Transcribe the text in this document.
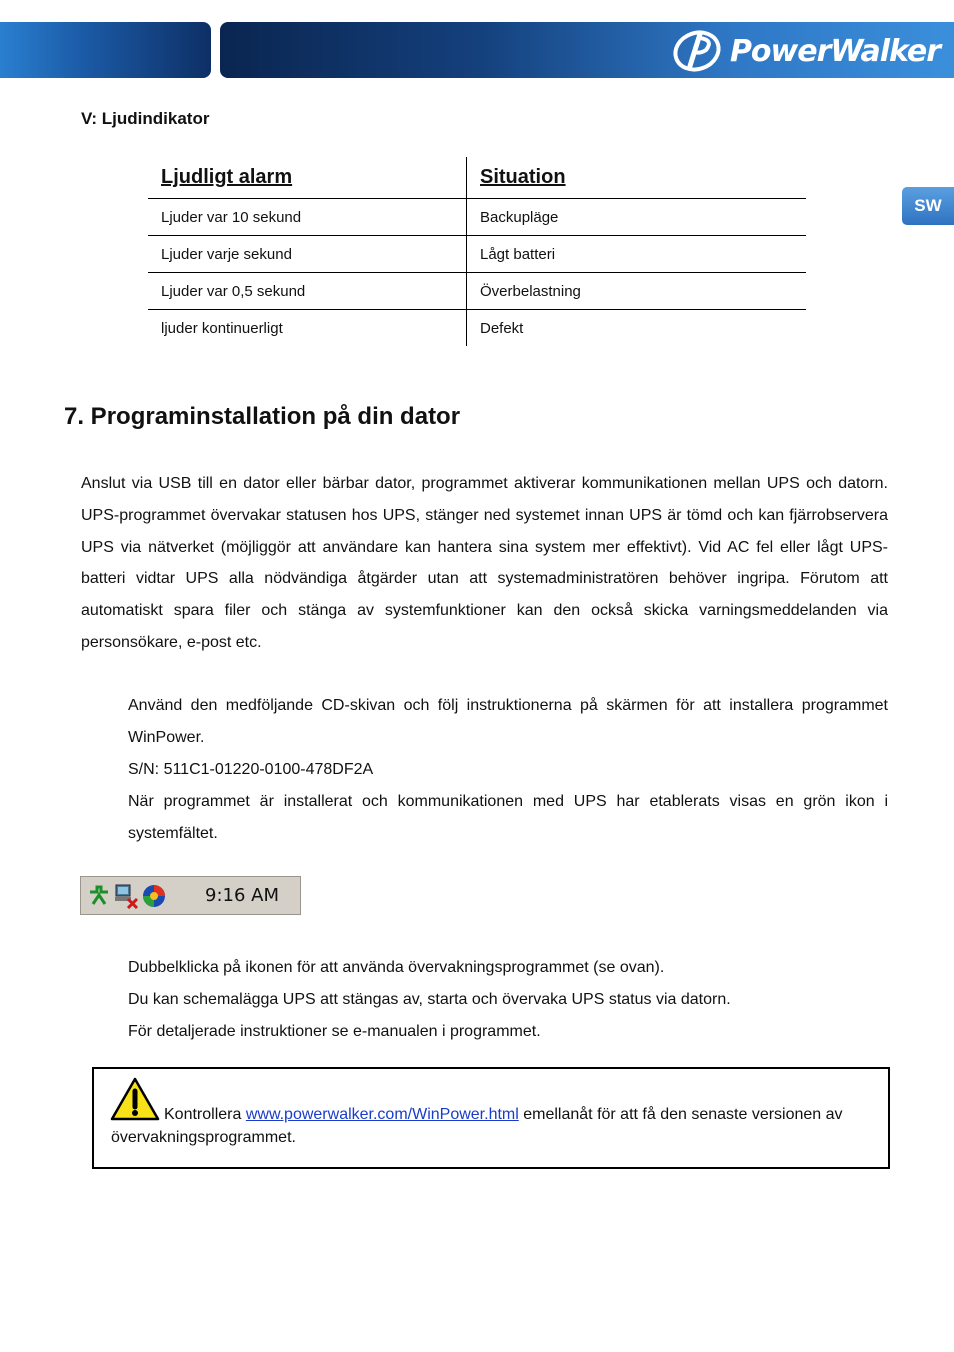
PowerWalker
SW
V: Ljudindikator
Ljudligt alarm	Situation
Ljuder var 10 sekund	Backupläge
Ljuder varje sekund	Lågt batteri
Ljuder var 0,5 sekund	Överbelastning
ljuder kontinuerligt	Defekt
7. Programinstallation på din dator
Anslut via USB till en dator eller bärbar dator, programmet aktiverar kommunikationen mellan UPS och datorn. UPS-programmet övervakar statusen hos UPS, stänger ned systemet innan UPS är tömd och kan fjärrobservera UPS via nätverket (möjliggör att användare kan hantera sina system mer effektivt). Vid AC fel eller lågt UPS-batteri vidtar UPS alla nödvändiga åtgärder utan att systemadministratören behöver ingripa. Förutom att automatiskt spara filer och stänga av systemfunktioner kan den också skicka varningsmeddelanden via personsökare, e-post etc.
Använd den medföljande CD-skivan och följ instruktionerna på skärmen för att installera programmet WinPower.
S/N: 511C1-01220-0100-478DF2A
När programmet är installerat och kommunikationen med UPS har etablerats visas en grön ikon i systemfältet.
9:16 AM
Dubbelklicka på ikonen för att använda övervakningsprogrammet (se ovan).
Du kan schemalägga UPS att stängas av, starta och övervaka UPS status via datorn.
För detaljerade instruktioner se e-manualen i programmet.
Kontrollera www.powerwalker.com/WinPower.html emellanåt för att få den senaste versionen av övervakningsprogrammet.
